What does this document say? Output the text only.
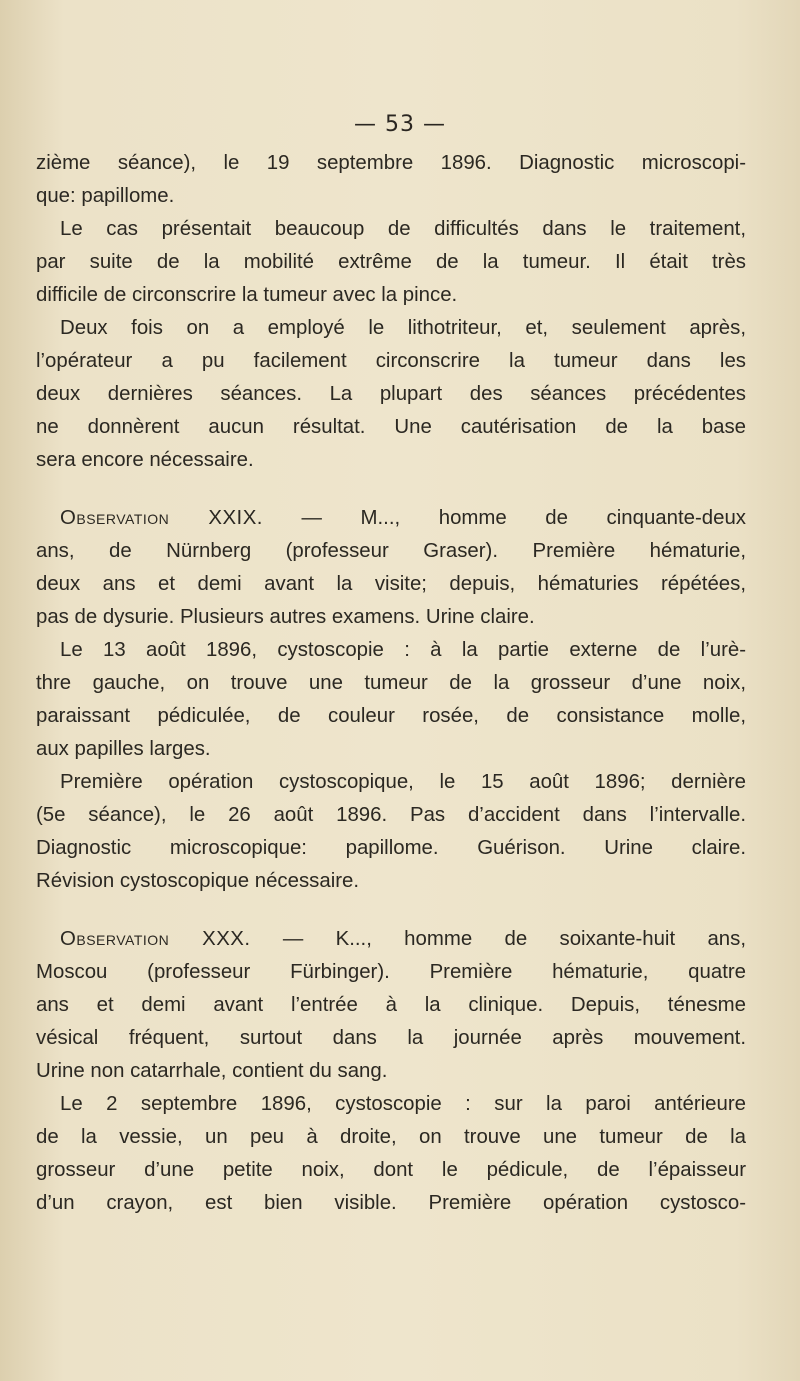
— 53 —

zième séance), le 19 septembre 1896. Diagnostic microscopi-
que: papillome.

Le cas présentait beaucoup de difficultés dans le traitement,
par suite de la mobilité extrême de la tumeur. Il était très
difficile de circonscrire la tumeur avec la pince.

Deux fois on a employé le lithotriteur, et, seulement après,
l’opérateur a pu facilement circonscrire la tumeur dans les
deux dernières séances. La plupart des séances précédentes
ne donnèrent aucun résultat. Une cautérisation de la base
sera encore nécessaire.

Observation XXIX. — M..., homme de cinquante-deux
ans, de Nürnberg (professeur Graser). Première hématurie,
deux ans et demi avant la visite; depuis, hématuries répétées,
pas de dysurie. Plusieurs autres examens. Urine claire.

Le 13 août 1896, cystoscopie : à la partie externe de l’urè-
thre gauche, on trouve une tumeur de la grosseur d’une noix,
paraissant pédiculée, de couleur rosée, de consistance molle,
aux papilles larges.

Première opération cystoscopique, le 15 août 1896; dernière
(5e séance), le 26 août 1896. Pas d’accident dans l’intervalle.
Diagnostic microscopique: papillome. Guérison. Urine claire.
Révision cystoscopique nécessaire.

Observation XXX. — K..., homme de soixante-huit ans,
Moscou (professeur Fürbinger). Première hématurie, quatre
ans et demi avant l’entrée à la clinique. Depuis, ténesme
vésical fréquent, surtout dans la journée après mouvement.
Urine non catarrhale, contient du sang.

Le 2 septembre 1896, cystoscopie : sur la paroi antérieure
de la vessie, un peu à droite, on trouve une tumeur de la
grosseur d’une petite noix, dont le pédicule, de l’épaisseur
d’un crayon, est bien visible. Première opération cystosco-
